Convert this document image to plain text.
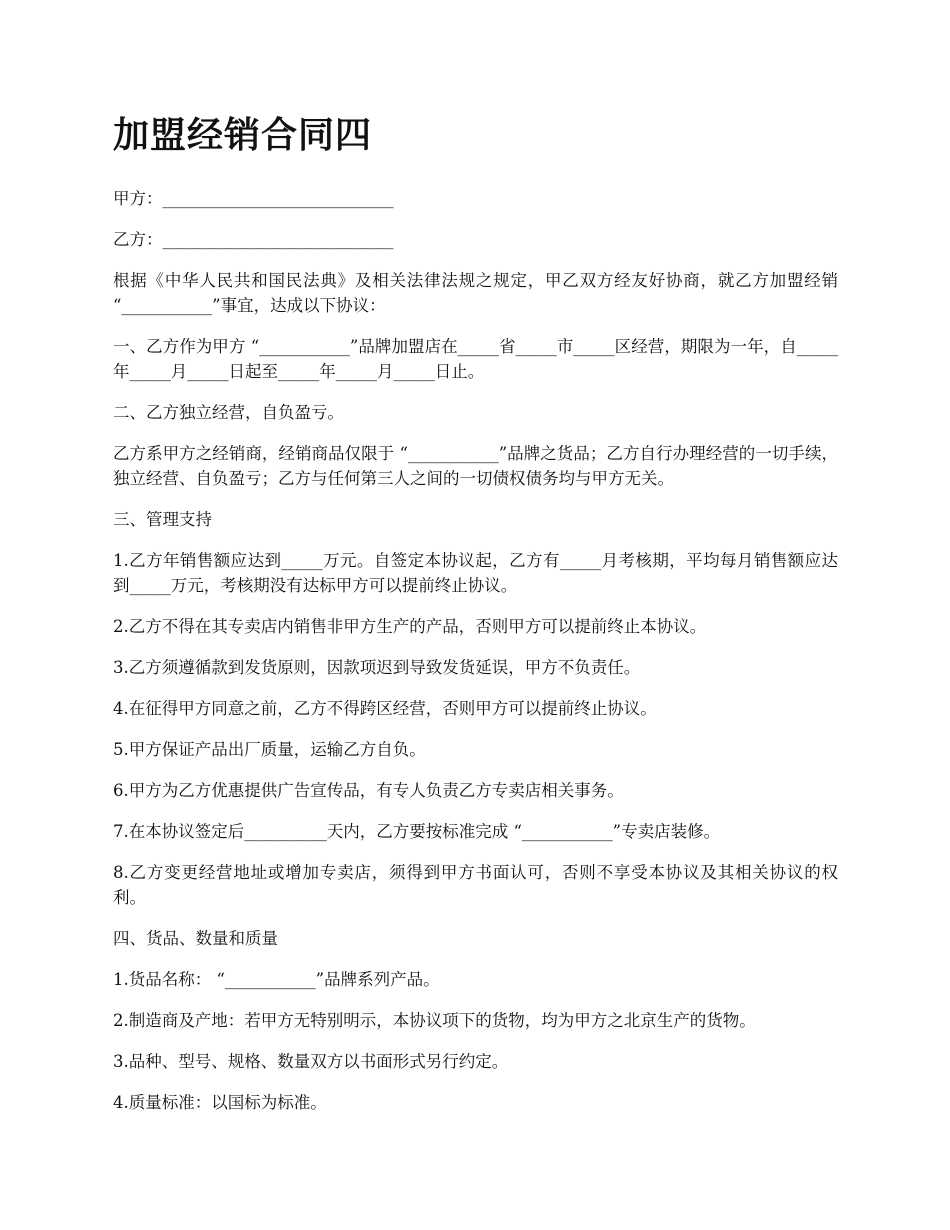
加盟经销合同四

甲方：____________________________

乙方：____________________________

根据《中华人民共和国民法典》及相关法律法规之规定，甲乙双方经友好协商，就乙方加盟经销 “___________”事宜，达成以下协议：

一、乙方作为甲方 “___________”品牌加盟店在_____省_____市_____区经营，期限为一年，自_____年_____月_____日起至_____年_____月_____日止。

二、乙方独立经营，自负盈亏。

乙方系甲方之经销商，经销商品仅限于 “___________”品牌之货品；乙方自行办理经营的一切手续，独立经营、自负盈亏；乙方与任何第三人之间的一切债权债务均与甲方无关。

三、管理支持

1.乙方年销售额应达到_____万元。自签定本协议起，乙方有_____月考核期，平均每月销售额应达到_____万元，考核期没有达标甲方可以提前终止协议。

2.乙方不得在其专卖店内销售非甲方生产的产品，否则甲方可以提前终止本协议。

3.乙方须遵循款到发货原则，因款项迟到导致发货延误，甲方不负责任。

4.在征得甲方同意之前，乙方不得跨区经营，否则甲方可以提前终止协议。

5.甲方保证产品出厂质量，运输乙方自负。

6.甲方为乙方优惠提供广告宣传品，有专人负责乙方专卖店相关事务。

7.在本协议签定后__________天内，乙方要按标准完成 “___________”专卖店装修。

8.乙方变更经营地址或增加专卖店，须得到甲方书面认可，否则不享受本协议及其相关协议的权利。

四、货品、数量和质量

1.货品名称： “___________”品牌系列产品。

2.制造商及产地：若甲方无特别明示，本协议项下的货物，均为甲方之北京生产的货物。

3.品种、型号、规格、数量双方以书面形式另行约定。

4.质量标准：以国标为标准。
